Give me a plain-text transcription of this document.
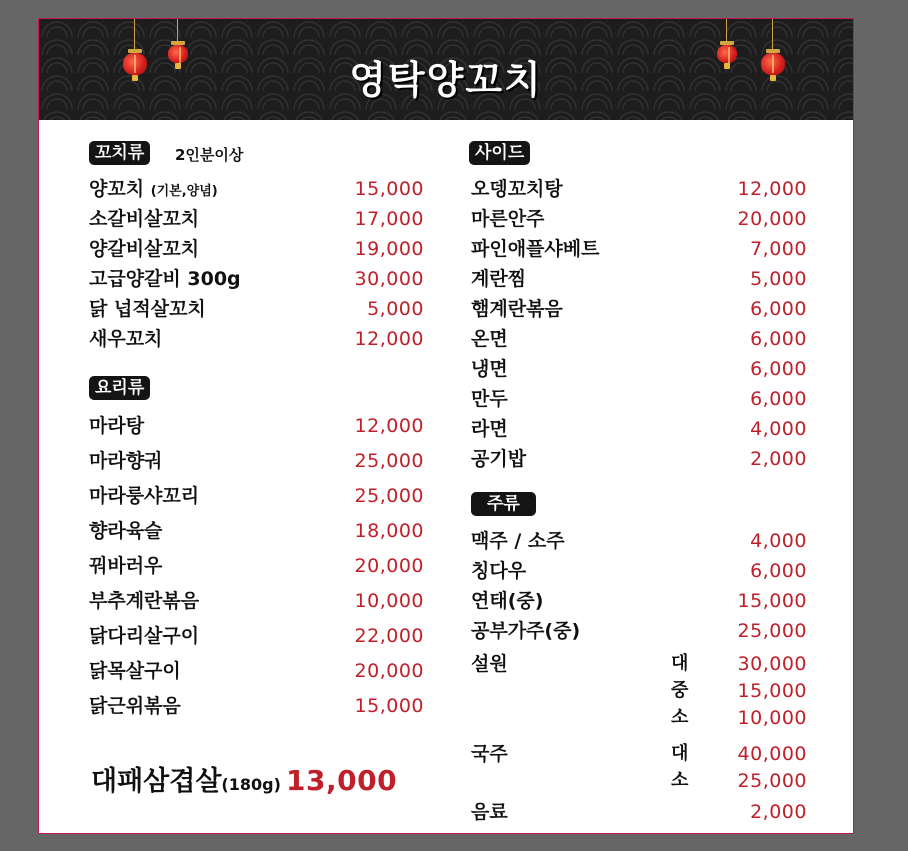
영탁양꼬치
꼬치류	2인분이상
양꼬치 (기본,양념)	15,000
소갈비살꼬치	17,000
양갈비살꼬치	19,000
고급양갈비 300g	30,000
닭 넙적살꼬치	5,000
새우꼬치	12,000
요리류
마라탕	12,000
마라향궈	25,000
마라룽샤꼬리	25,000
향라육슬	18,000
꿔바러우	20,000
부추계란볶음	10,000
닭다리살구이	22,000
닭목살구이	20,000
닭근위볶음	15,000
대패삼겹살(180g) 13,000
사이드
오뎅꼬치탕	12,000
마른안주	20,000
파인애플샤베트	7,000
계란찜	5,000
햄계란볶음	6,000
온면	6,000
냉면	6,000
만두	6,000
라면	4,000
공기밥	2,000
주류
맥주 / 소주	4,000
칭다우	6,000
연태(중)	15,000
공부가주(중)	25,000
설원	대	30,000
중	15,000
소	10,000
국주	대	40,000
소	25,000
음료	2,000
